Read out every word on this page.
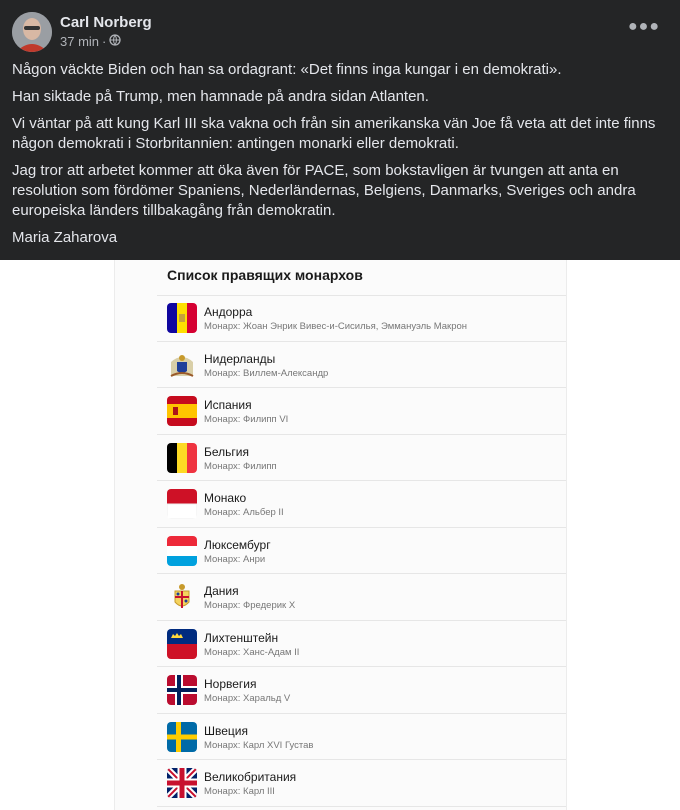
Carl Norberg
37 min ·
●●●

Någon väckte Biden och han sa ordagrant: «Det finns inga kungar i en demokrati».

Han siktade på Trump, men hamnade på andra sidan Atlanten.

Vi väntar på att kung Karl III ska vakna och från sin amerikanska vän Joe få veta att det inte finns någon demokrati i Storbritannien: antingen monarki eller demokrati.

Jag tror att arbetet kommer att öka även för PACE, som bokstavligen är tvungen att anta en resolution som fördömer Spaniens, Nederländernas, Belgiens, Danmarks, Sveriges och andra europeiska länders tillbakagång från demokratin.

Maria Zaharova

Список правящих монархов
Андорра
Монарх: Жоан Энрик Вивес-и-Сисилья, Эммануэль Макрон
Нидерланды
Монарх: Виллем-Александр
Испания
Монарх: Филипп VI
Бельгия
Монарх: Филипп
Монако
Монарх: Альбер II
Люксембург
Монарх: Анри
Дания
Монарх: Фредерик X
Лихтенштейн
Монарх: Ханс-Адам II
Норвегия
Монарх: Харальд V
Швеция
Монарх: Карл XVI Густав
Великобритания
Монарх: Карл III
